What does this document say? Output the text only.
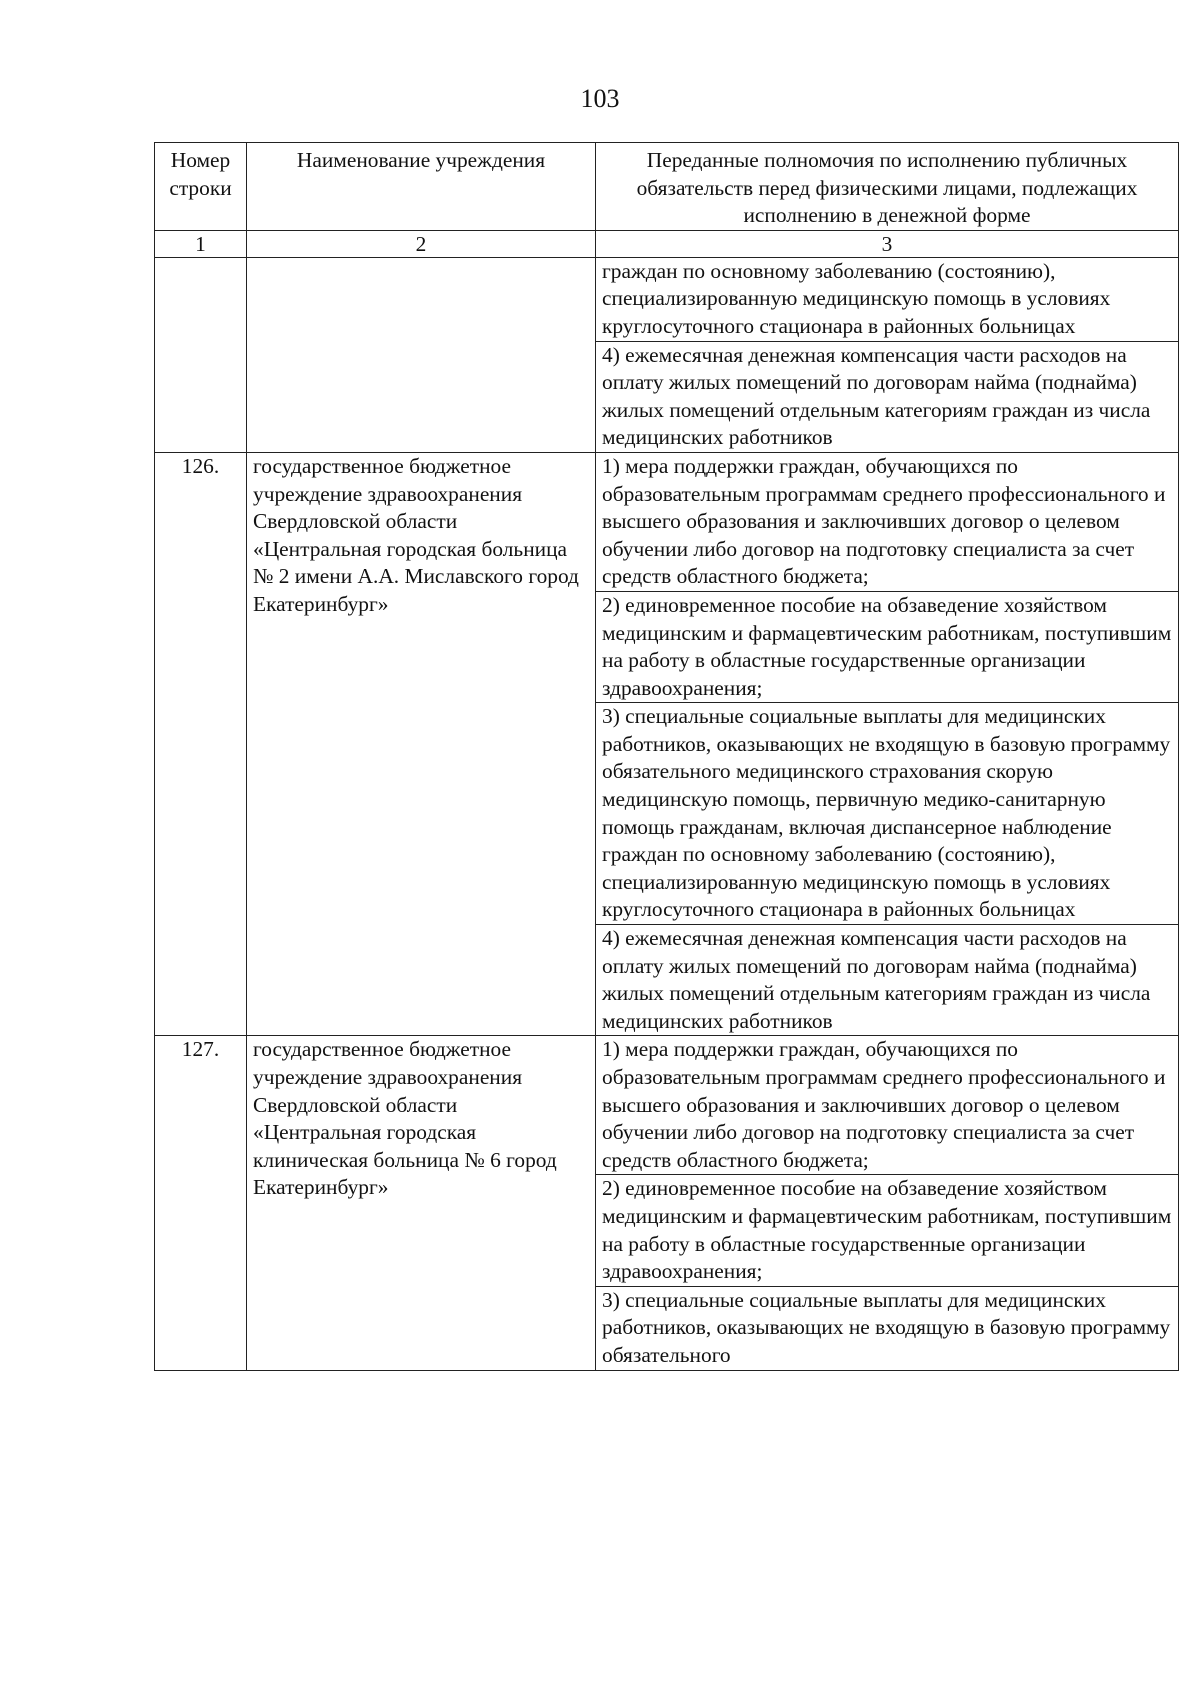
103
Номер строки	Наименование учреждения	Переданные полномочия по исполнению публичных обязательств перед физическими лицами, подлежащих исполнению в денежной форме
1	2	3
		граждан по основному заболеванию (состоянию), специализированную медицинскую помощь в условиях круглосуточного стационара в районных больницах
		4) ежемесячная денежная компенсация части расходов на оплату жилых помещений по договорам найма (поднайма) жилых помещений отдельным категориям граждан из числа медицинских работников
126.	государственное бюджетное учреждение здравоохранения Свердловской области «Центральная городская больница № 2 имени А.А. Миславского город Екатеринбург»	1) мера поддержки граждан, обучающихся по образовательным программам среднего профессионального и высшего образования и заключивших договор о целевом обучении либо договор на подготовку специалиста за счет средств областного бюджета;
		2) единовременное пособие на обзаведение хозяйством медицинским и фармацевтическим работникам, поступившим на работу в областные государственные организации здравоохранения;
		3) специальные социальные выплаты для медицинских работников, оказывающих не входящую в базовую программу обязательного медицинского страхования скорую медицинскую помощь, первичную медико-санитарную помощь гражданам, включая диспансерное наблюдение граждан по основному заболеванию (состоянию), специализированную медицинскую помощь в условиях круглосуточного стационара в районных больницах
		4) ежемесячная денежная компенсация части расходов на оплату жилых помещений по договорам найма (поднайма) жилых помещений отдельным категориям граждан из числа медицинских работников
127.	государственное бюджетное учреждение здравоохранения Свердловской области «Центральная городская клиническая больница № 6 город Екатеринбург»	1) мера поддержки граждан, обучающихся по образовательным программам среднего профессионального и высшего образования и заключивших договор о целевом обучении либо договор на подготовку специалиста за счет средств областного бюджета;
		2) единовременное пособие на обзаведение хозяйством медицинским и фармацевтическим работникам, поступившим на работу в областные государственные организации здравоохранения;
		3) специальные социальные выплаты для медицинских работников, оказывающих не входящую в базовую программу обязательного
